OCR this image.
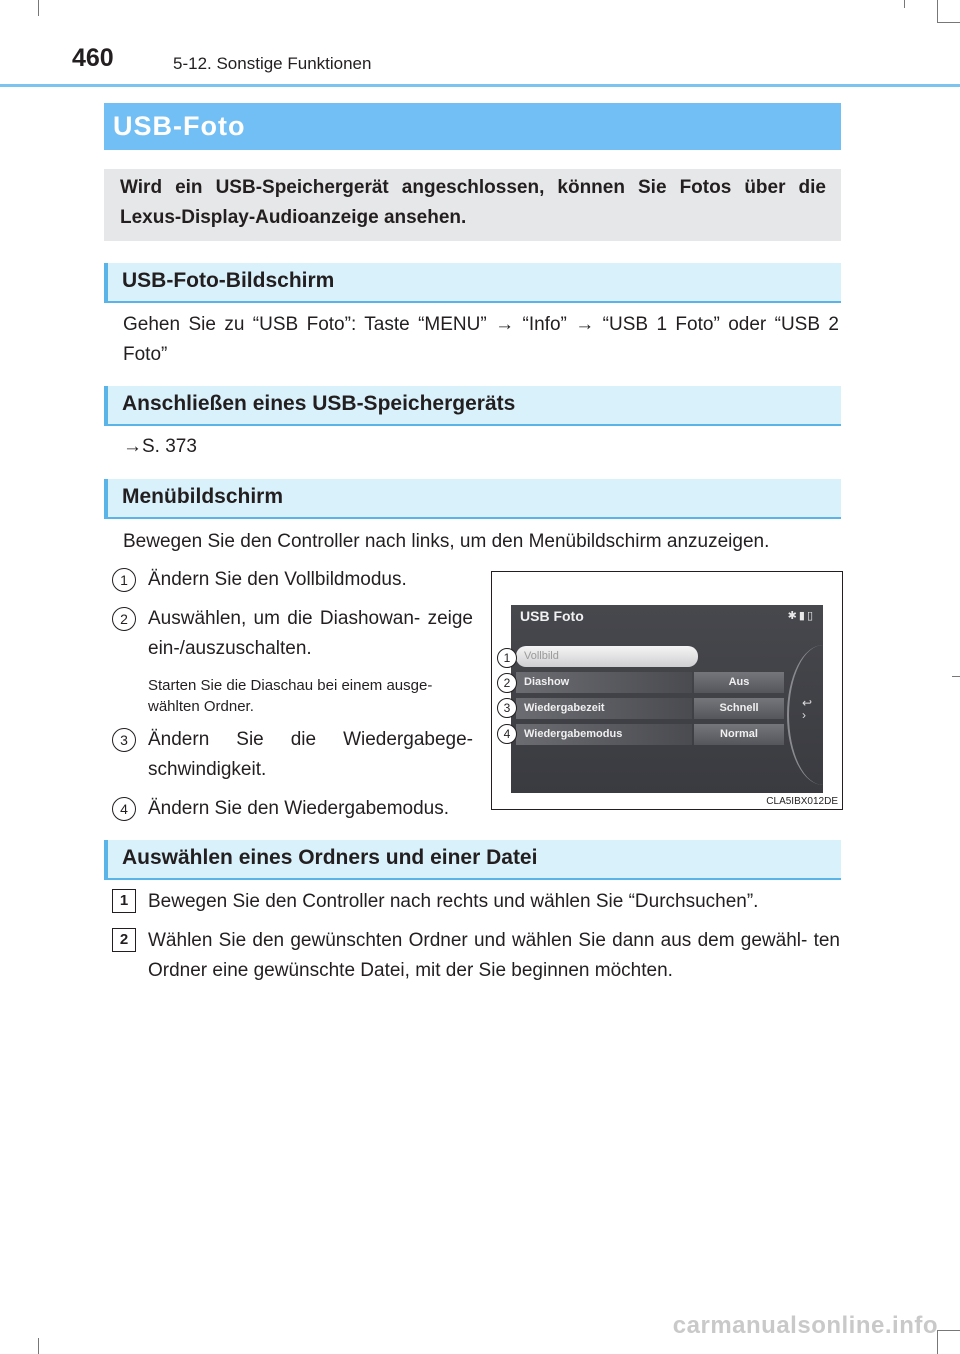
460	5-12. Sonstige Funktionen
USB-Foto

Wird ein USB-Speichergerät angeschlossen, können Sie Fotos über die Lexus-Display-Audioanzeige ansehen.

USB-Foto-Bildschirm
Gehen Sie zu “USB Foto”: Taste “MENU” → “Info” → “USB 1 Foto” oder “USB 2 Foto”
Anschließen eines USB-Speichergeräts
→S. 373
Menübildschirm
Bewegen Sie den Controller nach links, um den Menübildschirm anzuzeigen.
1	Ändern Sie den Vollbildmodus.
2	Auswählen, um die Diashowan- zeige ein-/auszuschalten.
Starten Sie die Diaschau bei einem ausge- wählten Ordner.
3	Ändern Sie die Wiedergabege- schwindigkeit.
4	Ändern Sie den Wiedergabemodus.
USB Foto	✱▮▯
Vollbild
Diashow	Aus
Wiedergabezeit	Schnell
Wiedergabemodus	Normal
↩
›
1
2
3
4
CLA5IBX012DE
Auswählen eines Ordners und einer Datei
1	Bewegen Sie den Controller nach rechts und wählen Sie “Durchsuchen”.
2	Wählen Sie den gewünschten Ordner und wählen Sie dann aus dem gewähl- ten Ordner eine gewünschte Datei, mit der Sie beginnen möchten.
carmanualsonline.info
